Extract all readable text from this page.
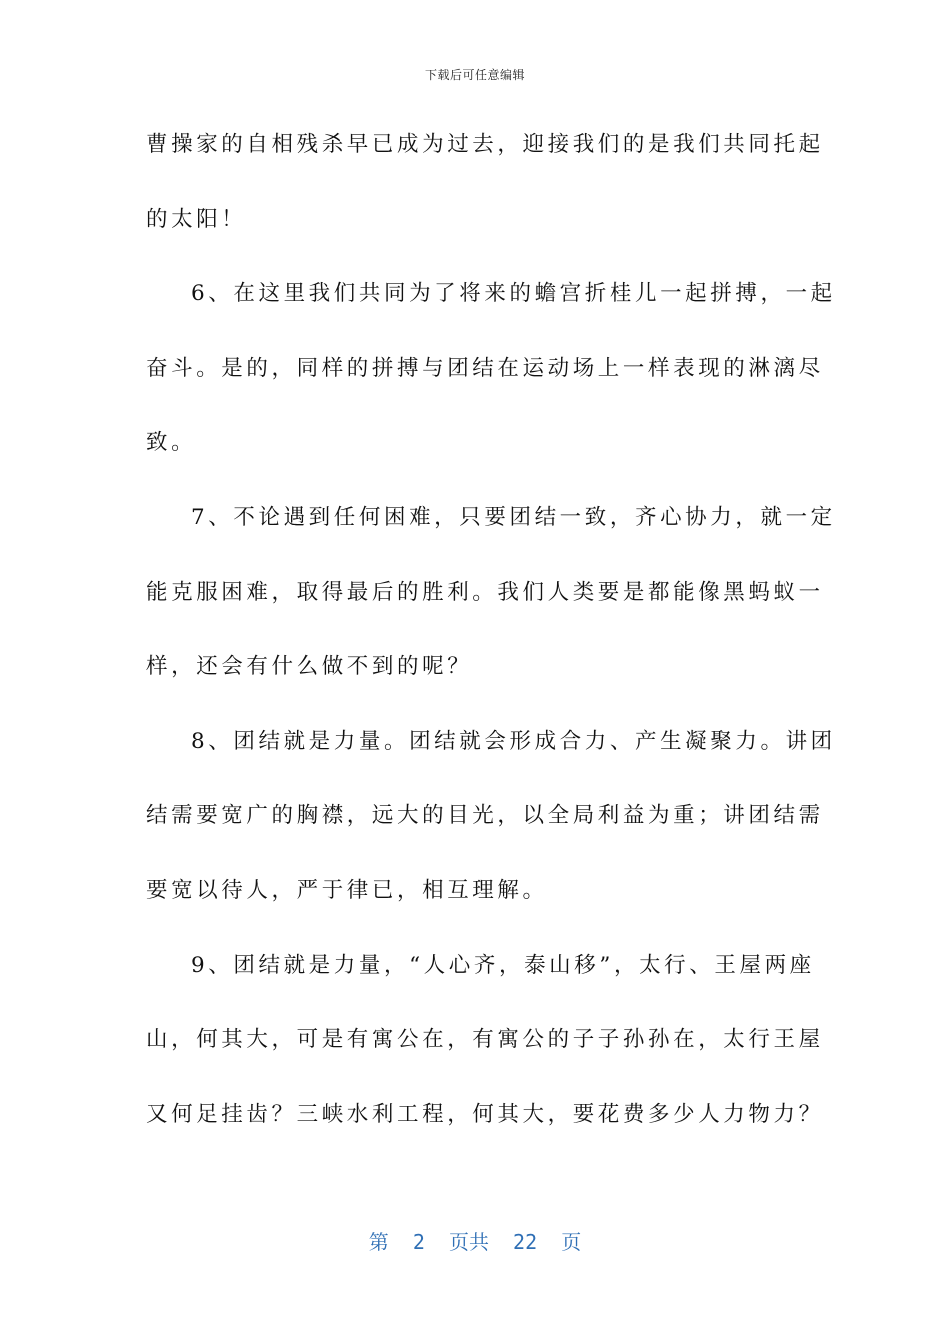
下载后可任意编辑
曹操家的自相残杀早已成为过去，迎接我们的是我们共同托起
的太阳！
6、在这里我们共同为了将来的蟾宫折桂儿一起拼搏，一起
奋斗。是的，同样的拼搏与团结在运动场上一样表现的淋漓尽
致。
7、不论遇到任何困难，只要团结一致，齐心协力，就一定
能克服困难，取得最后的胜利。我们人类要是都能像黑蚂蚁一
样，还会有什么做不到的呢？
8、团结就是力量。团结就会形成合力、产生凝聚力。讲团
结需要宽广的胸襟，远大的目光，以全局利益为重；讲团结需
要宽以待人，严于律已，相互理解。
9、团结就是力量，“人心齐，泰山移”，太行、王屋两座
山，何其大，可是有寓公在，有寓公的子子孙孙在，太行王屋
又何足挂齿？三峡水利工程，何其大，要花费多少人力物力？
第  2  页共  22  页
